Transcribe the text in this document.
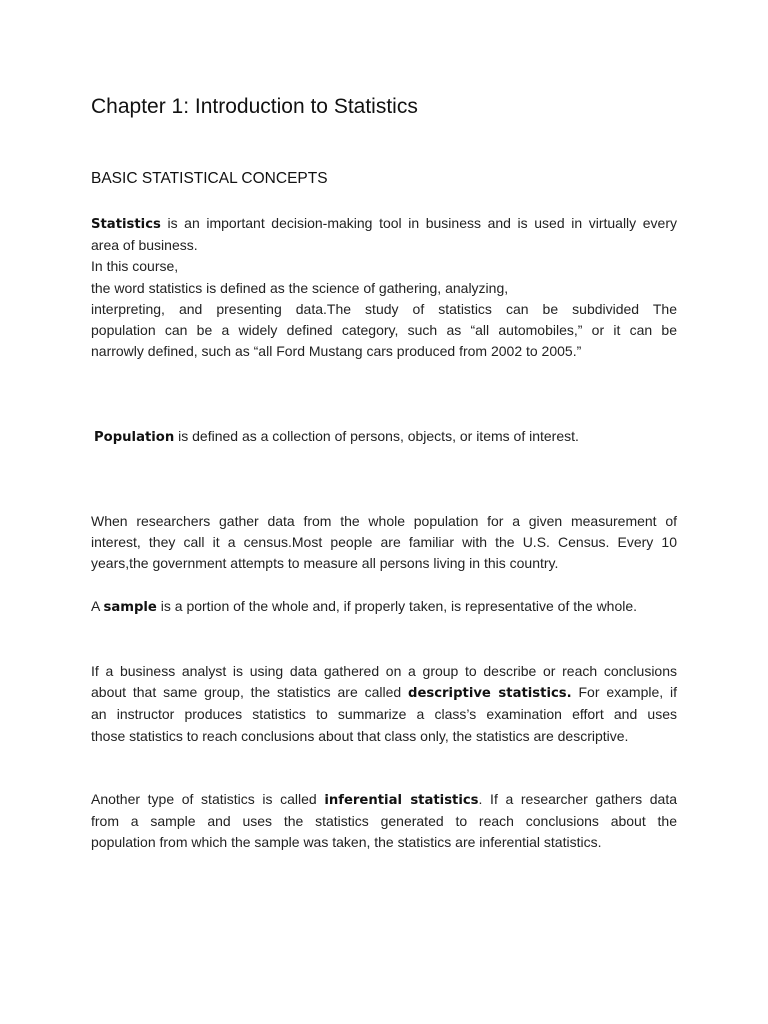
Chapter 1: Introduction to Statistics
BASIC STATISTICAL CONCEPTS
Statistics is an important decision-making tool in business and is used in virtually every
area of business.
In this course,
the word statistics is defined as the science of gathering, analyzing,
interpreting, and presenting data.The study of statistics can be subdivided The
population can be a widely defined category, such as “all automobiles,” or it can be
narrowly defined, such as “all Ford Mustang cars produced from 2002 to 2005.”
Population is defined as a collection of persons, objects, or items of interest.
When researchers gather data from the whole population for a given measurement of
interest, they call it a census.Most people are familiar with the U.S. Census. Every 10
years,the government attempts to measure all persons living in this country.
A sample is a portion of the whole and, if properly taken, is representative of the whole.
If a business analyst is using data gathered on a group to describe or reach conclusions
about that same group, the statistics are called descriptive statistics. For example, if
an instructor produces statistics to summarize a class’s examination effort and uses
those statistics to reach conclusions about that class only, the statistics are descriptive.
Another type of statistics is called inferential statistics. If a researcher gathers data
from a sample and uses the statistics generated to reach conclusions about the
population from which the sample was taken, the statistics are inferential statistics.
